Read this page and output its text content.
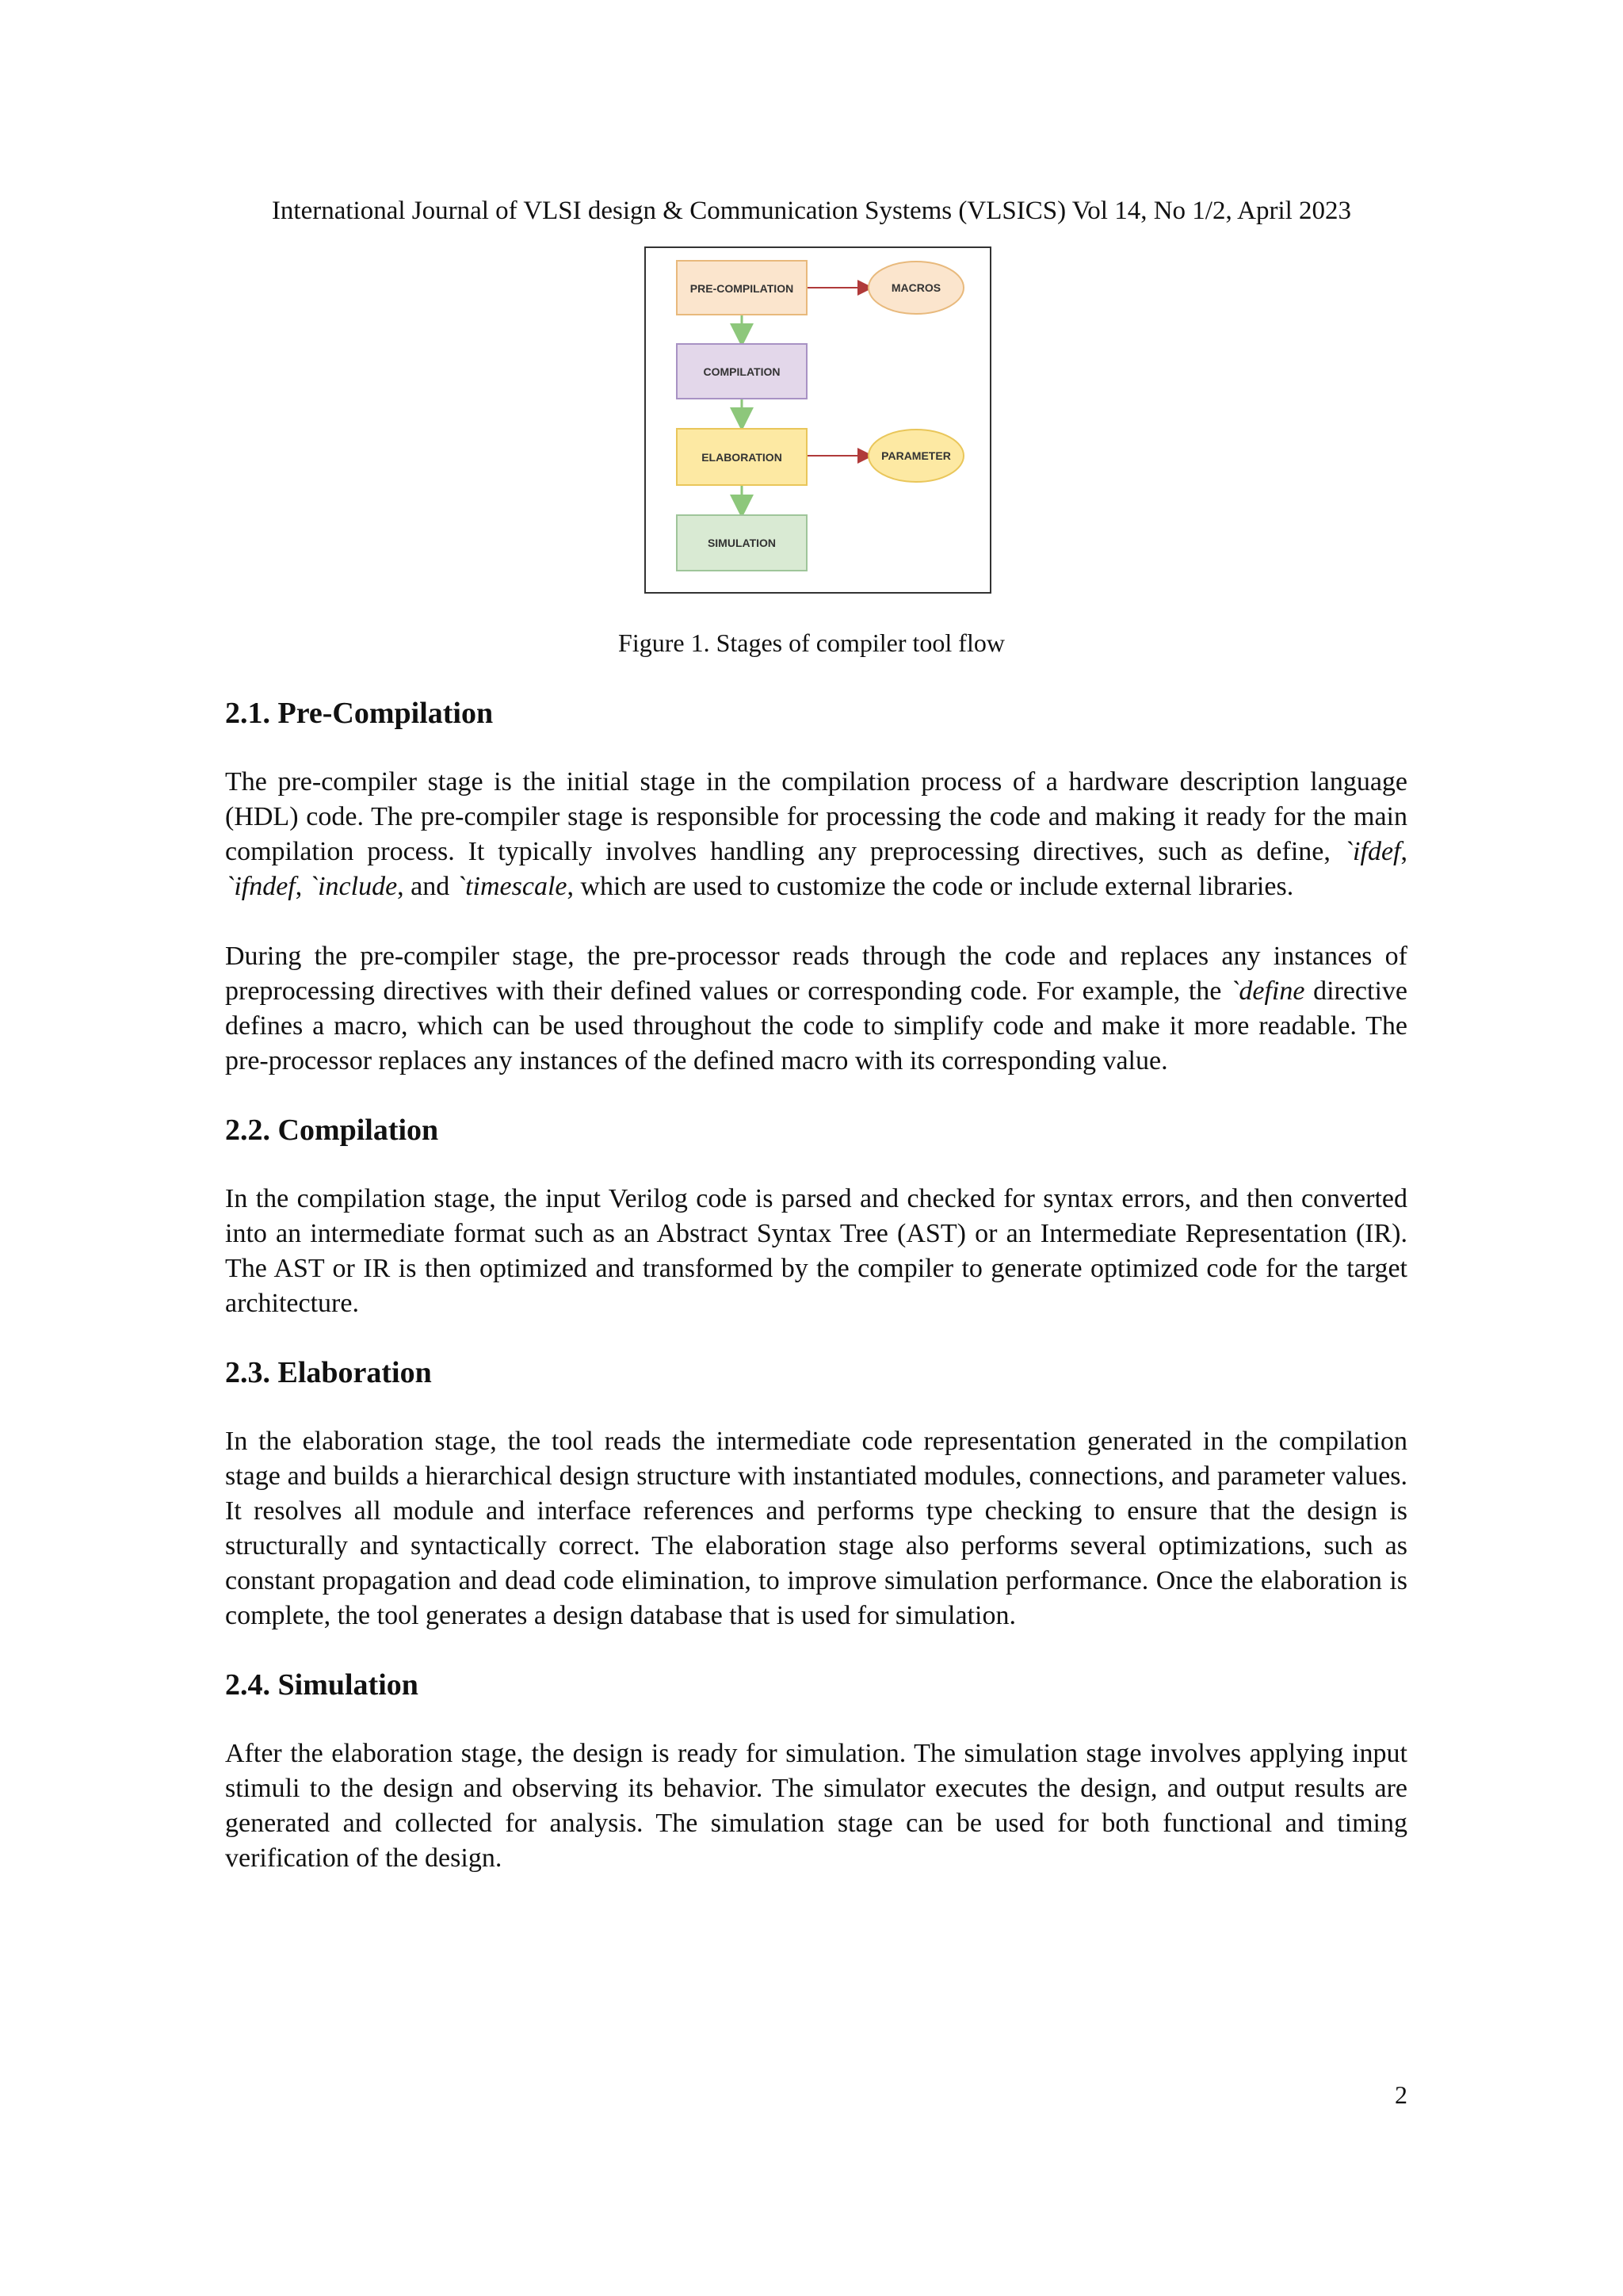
International Journal of VLSI design & Communication Systems (VLSICS) Vol 14, No 1/2, April 2023
PRE-COMPILATION
COMPILATION
ELABORATION
SIMULATION
MACROS
PARAMETER
Figure 1. Stages of compiler tool flow
2.1. Pre-Compilation

The pre-compiler stage is the initial stage in the compilation process of a hardware description language (HDL) code. The pre-compiler stage is responsible for processing the code and making it ready for the main compilation process. It typically involves handling any preprocessing directives, such as define, `ifdef, `ifndef, `include, and `timescale, which are used to customize the code or include external libraries.

During the pre-compiler stage, the pre-processor reads through the code and replaces any instances of preprocessing directives with their defined values or corresponding code. For example, the `define directive defines a macro, which can be used throughout the code to simplify code and make it more readable. The pre-processor replaces any instances of the defined macro with its corresponding value.

2.2. Compilation

In the compilation stage, the input Verilog code is parsed and checked for syntax errors, and then converted into an intermediate format such as an Abstract Syntax Tree (AST) or an Intermediate Representation (IR). The AST or IR is then optimized and transformed by the compiler to generate optimized code for the target architecture.

2.3. Elaboration

In the elaboration stage, the tool reads the intermediate code representation generated in the compilation stage and builds a hierarchical design structure with instantiated modules, connections, and parameter values. It resolves all module and interface references and performs type checking to ensure that the design is structurally and syntactically correct. The elaboration stage also performs several optimizations, such as constant propagation and dead code elimination, to improve simulation performance. Once the elaboration is complete, the tool generates a design database that is used for simulation.

2.4. Simulation

After the elaboration stage, the design is ready for simulation. The simulation stage involves applying input stimuli to the design and observing its behavior. The simulator executes the design, and output results are generated and collected for analysis. The simulation stage can be used for both functional and timing verification of the design.

2
